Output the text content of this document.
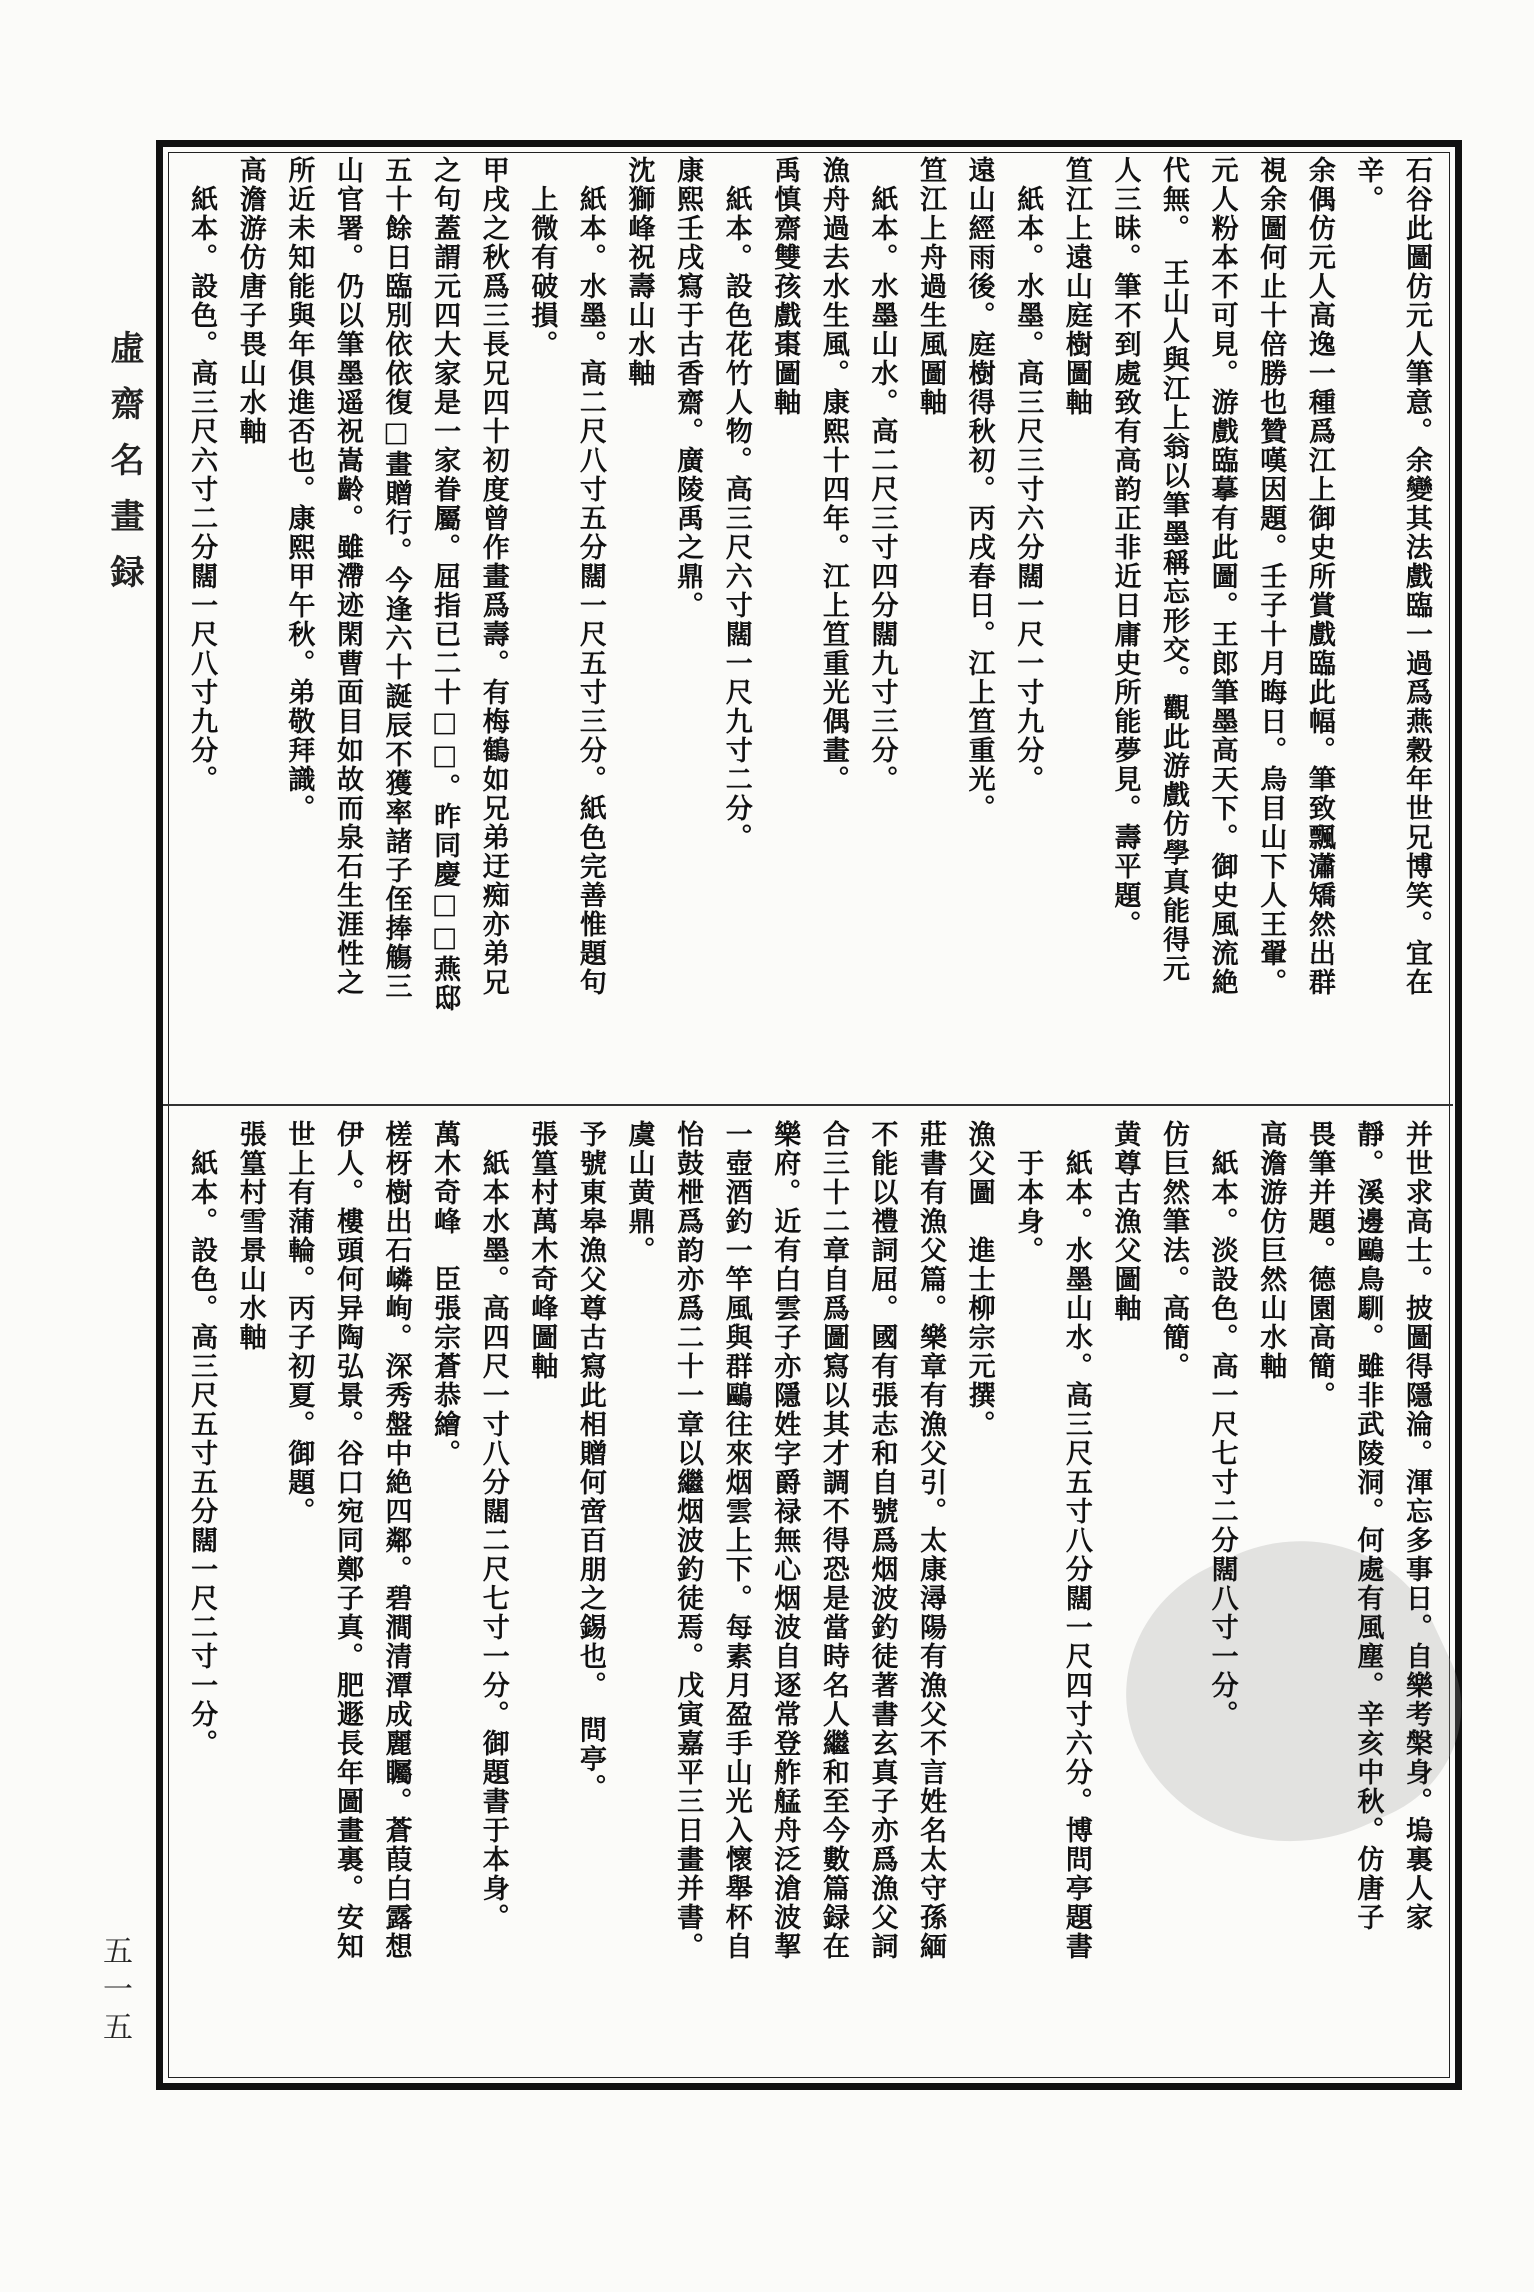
石谷此圖仿元人筆意。余變其法戲臨一過爲燕穀年世兄博笑。宜在
辛。
余偶仿元人高逸一種爲江上御史所賞戲臨此幅。筆致飄瀟矯然出群
視余圖何止十倍勝也贊嘆因題。壬子十月晦日。烏目山下人王翬。
元人粉本不可見。游戲臨摹有此圖。王郎筆墨高天下。御史風流絶
代無。　王山人與江上翁以筆墨稱忘形交。觀此游戲仿學真能得元
人三昧。筆不到處致有高韵正非近日庸史所能夢見。壽平題。
笪江上遠山庭樹圖軸
　紙本。水墨。高三尺三寸六分闊一尺一寸九分。
遠山經雨後。庭樹得秋初。丙戌春日。江上笪重光。
笪江上舟過生風圖軸
　紙本。水墨山水。高二尺三寸四分闊九寸三分。
漁舟過去水生風。康熙十四年。江上笪重光偶畫。
禹慎齋雙孩戲棗圖軸
　紙本。設色花竹人物。高三尺六寸闊一尺九寸二分。
康熙壬戌寫于古香齋。廣陵禹之鼎。
沈獅峰祝壽山水軸
　紙本。水墨。高二尺八寸五分闊一尺五寸三分。紙色完善惟題句
　上微有破損。
甲戌之秋爲三長兄四十初度曾作畫爲壽。有梅鶴如兄弟迂痴亦弟兄
之句蓋謂元四大家是一家眷屬。屈指已二十□□。昨同慶□□燕邸
五十餘日臨別依依復□畫贈行。今逢六十誕辰不獲率諸子侄捧觴三
山官署。仍以筆墨遥祝嵩齡。雖滯迹閑曹面目如故而泉石生涯性之
所近未知能與年俱進否也。康熙甲午秋。弟敬拜識。
高澹游仿唐子畏山水軸
　紙本。設色。高三尺六寸二分闊一尺八寸九分。
并世求高士。披圖得隱淪。渾忘多事日。自樂考槃身。塢裏人家
靜。溪邊鷗鳥馴。雖非武陵洞。何處有風塵。辛亥中秋。仿唐子
畏筆并題。德園高簡。
高澹游仿巨然山水軸
　紙本。淡設色。高一尺七寸二分闊八寸一分。
仿巨然筆法。高簡。
黄尊古漁父圖軸
　紙本。水墨山水。高三尺五寸八分闊一尺四寸六分。博問亭題書
　于本身。
漁父圖　進士柳宗元撰。
莊書有漁父篇。樂章有漁父引。太康潯陽有漁父不言姓名太守孫緬
不能以禮詞屈。國有張志和自號爲烟波釣徒著書玄真子亦爲漁父詞
合三十二章自爲圖寫以其才調不得恐是當時名人繼和至今數篇録在
樂府。近有白雲子亦隱姓字爵禄無心烟波自逐常登舴艋舟泛滄波挈
一壺酒釣一竿風與群鷗往來烟雲上下。每素月盈手山光入懷舉杯自
怡鼓枻爲韵亦爲二十一章以繼烟波釣徒焉。戊寅嘉平三日畫并書。
虞山黄鼎。
予號東皋漁父尊古寫此相贈何啻百朋之錫也。　問亭。
張篁村萬木奇峰圖軸
　紙本水墨。高四尺一寸八分闊二尺七寸一分。御題書于本身。
萬木奇峰　臣張宗蒼恭繪。
槎枒樹出石嶙峋。深秀盤中絶四鄰。碧澗清潭成麗矚。蒼葭白露想
伊人。樓頭何异陶弘景。谷口宛同鄭子真。肥遯長年圖畫裏。安知
世上有蒲輪。丙子初夏。御題。
張篁村雪景山水軸
　紙本。設色。高三尺五寸五分闊一尺二寸一分。
虛齋名畫録
五一五
